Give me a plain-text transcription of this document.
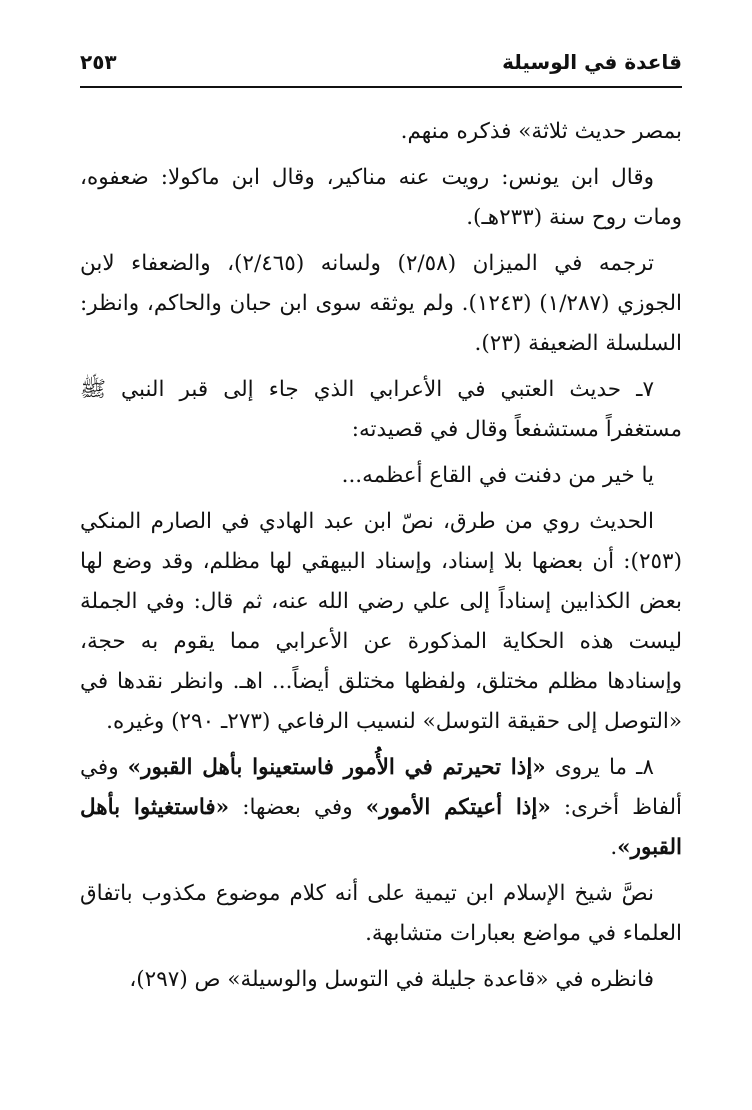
قاعدة في الوسيلة
٢٥٣

بمصر حديث ثلاثة» فذكره منهم.

وقال ابن يونس: رويت عنه مناكير، وقال ابن ماكولا: ضعفوه، ومات روح سنة (٢٣٣هـ).

ترجمه في الميزان (٢/٥٨) ولسانه (٢/٤٦٥)، والضعفاء لابن الجوزي (١/٢٨٧) (١٢٤٣). ولم يوثقه سوى ابن حبان والحاكم، وانظر: السلسلة الضعيفة (٢٣).

٧ـ حديث العتبي في الأعرابي الذي جاء إلى قبر النبي ﷺ مستغفراً مستشفعاً وقال في قصيدته:

يا خير من دفنت في القاع أعظمه...

الحديث روي من طرق، نصّ ابن عبد الهادي في الصارم المنكي (٢٥٣): أن بعضها بلا إسناد، وإسناد البيهقي لها مظلم، وقد وضع لها بعض الكذابين إسناداً إلى علي رضي الله عنه، ثم قال: وفي الجملة ليست هذه الحكاية المذكورة عن الأعرابي مما يقوم به حجة، وإسنادها مظلم مختلق، ولفظها مختلق أيضاً... اهـ. وانظر نقدها في «التوصل إلى حقيقة التوسل» لنسيب الرفاعي (٢٧٣ـ ٢٩٠) وغيره.

٨ـ ما يروى «إذا تحيرتم في الأُمور فاستعينوا بأهل القبور» وفي ألفاظ أخرى: «إذا أعيتكم الأمور» وفي بعضها: «فاستغيثوا بأهل القبور».

نصَّ شيخ الإسلام ابن تيمية على أنه كلام موضوع مكذوب باتفاق العلماء في مواضع بعبارات متشابهة.

فانظره في «قاعدة جليلة في التوسل والوسيلة» ص (٢٩٧)،
